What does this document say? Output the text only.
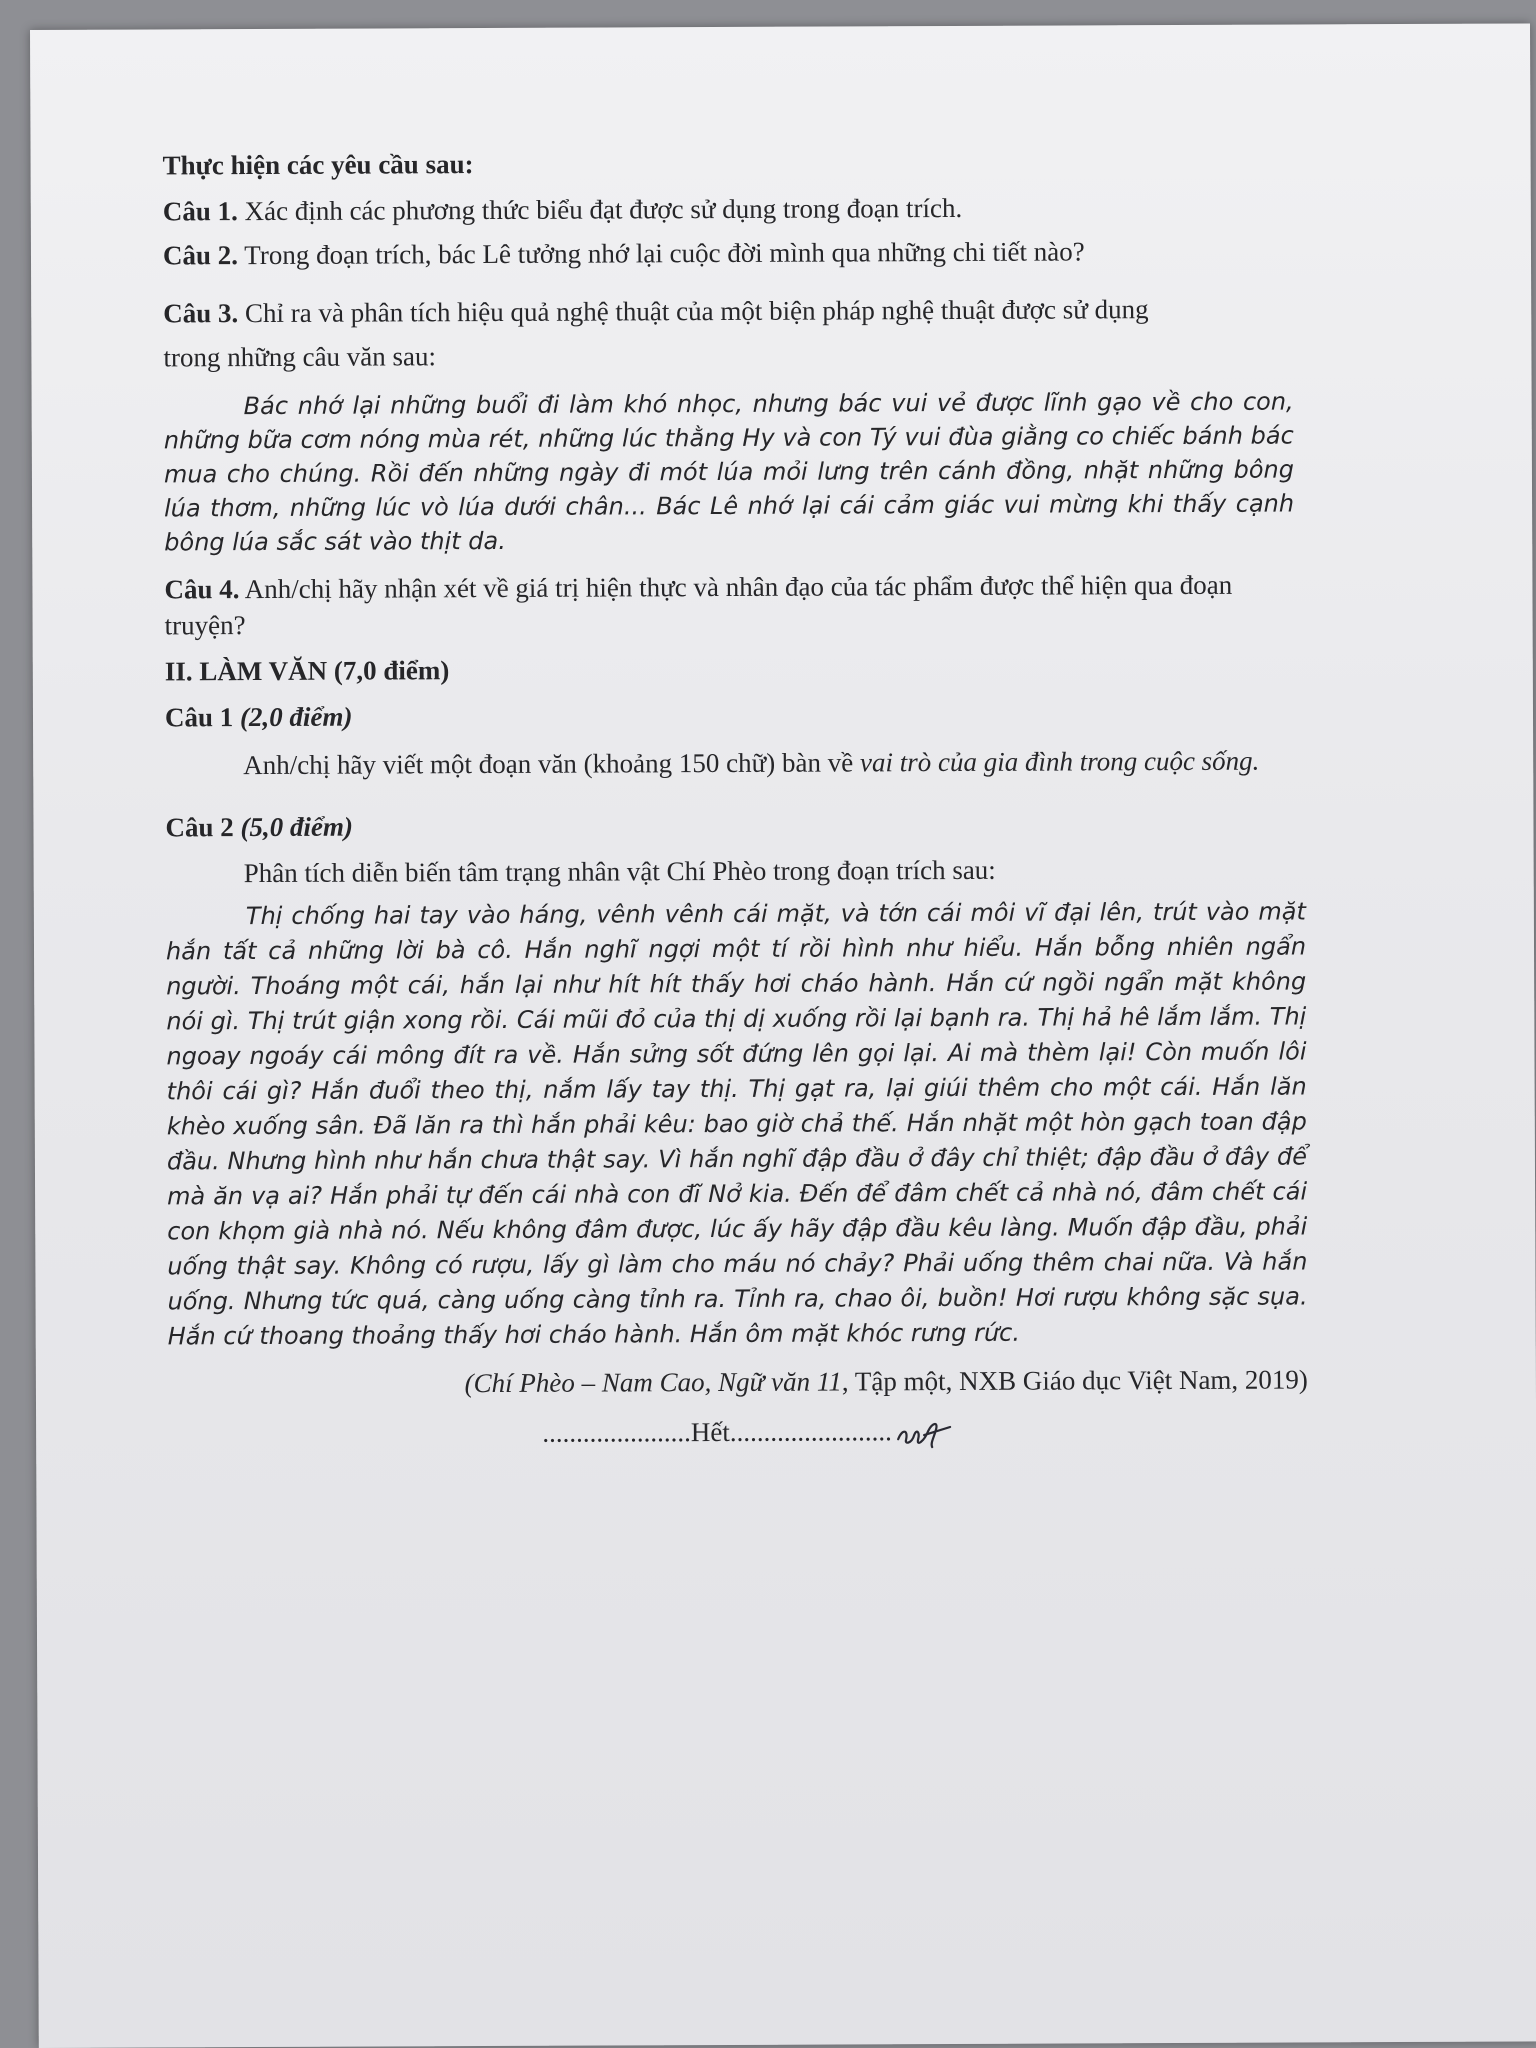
Thực hiện các yêu cầu sau:

Câu 1. Xác định các phương thức biểu đạt được sử dụng trong đoạn trích.

Câu 2. Trong đoạn trích, bác Lê tưởng nhớ lại cuộc đời mình qua những chi tiết nào?

Câu 3. Chỉ ra và phân tích hiệu quả nghệ thuật của một biện pháp nghệ thuật được sử dụng

trong những câu văn sau:

Bác nhớ lại những buổi đi làm khó nhọc, nhưng bác vui vẻ được lĩnh gạo về cho con, những bữa cơm nóng mùa rét, những lúc thằng Hy và con Tý vui đùa giằng co chiếc bánh bác mua cho chúng. Rồi đến những ngày đi mót lúa mỏi lưng trên cánh đồng, nhặt những bông lúa thơm, những lúc vò lúa dưới chân... Bác Lê nhớ lại cái cảm giác vui mừng khi thấy cạnh bông lúa sắc sát vào thịt da.

Câu 4. Anh/chị hãy nhận xét về giá trị hiện thực và nhân đạo của tác phẩm được thể hiện qua đoạn truyện?

II. LÀM VĂN (7,0 điểm)

Câu 1 (2,0 điểm)

Anh/chị hãy viết một đoạn văn (khoảng 150 chữ) bàn về vai trò của gia đình trong cuộc sống.

Câu 2 (5,0 điểm)

Phân tích diễn biến tâm trạng nhân vật Chí Phèo trong đoạn trích sau:

Thị chống hai tay vào háng, vênh vênh cái mặt, và tớn cái môi vĩ đại lên, trút vào mặt hắn tất cả những lời bà cô. Hắn nghĩ ngợi một tí rồi hình như hiểu. Hắn bỗng nhiên ngẩn người. Thoáng một cái, hắn lại như hít hít thấy hơi cháo hành. Hắn cứ ngồi ngẩn mặt không nói gì. Thị trút giận xong rồi. Cái mũi đỏ của thị dị xuống rồi lại bạnh ra. Thị hả hê lắm lắm. Thị ngoay ngoáy cái mông đít ra về. Hắn sửng sốt đứng lên gọi lại. Ai mà thèm lại! Còn muốn lôi thôi cái gì? Hắn đuổi theo thị, nắm lấy tay thị. Thị gạt ra, lại giúi thêm cho một cái. Hắn lăn khèo xuống sân. Đã lăn ra thì hắn phải kêu: bao giờ chả thế. Hắn nhặt một hòn gạch toan đập đầu. Nhưng hình như hắn chưa thật say. Vì hắn nghĩ đập đầu ở đây chỉ thiệt; đập đầu ở đây để mà ăn vạ ai? Hắn phải tự đến cái nhà con đĩ Nở kia. Đến để đâm chết cả nhà nó, đâm chết cái con khọm già nhà nó. Nếu không đâm được, lúc ấy hãy đập đầu kêu làng. Muốn đập đầu, phải uống thật say. Không có rượu, lấy gì làm cho máu nó chảy? Phải uống thêm chai nữa. Và hắn uống. Nhưng tức quá, càng uống càng tỉnh ra. Tỉnh ra, chao ôi, buồn! Hơi rượu không sặc sụa. Hắn cứ thoang thoảng thấy hơi cháo hành. Hắn ôm mặt khóc rưng rức.

(Chí Phèo – Nam Cao, Ngữ văn 11, Tập một, NXB Giáo dục Việt Nam, 2019)

......................Hết........................
